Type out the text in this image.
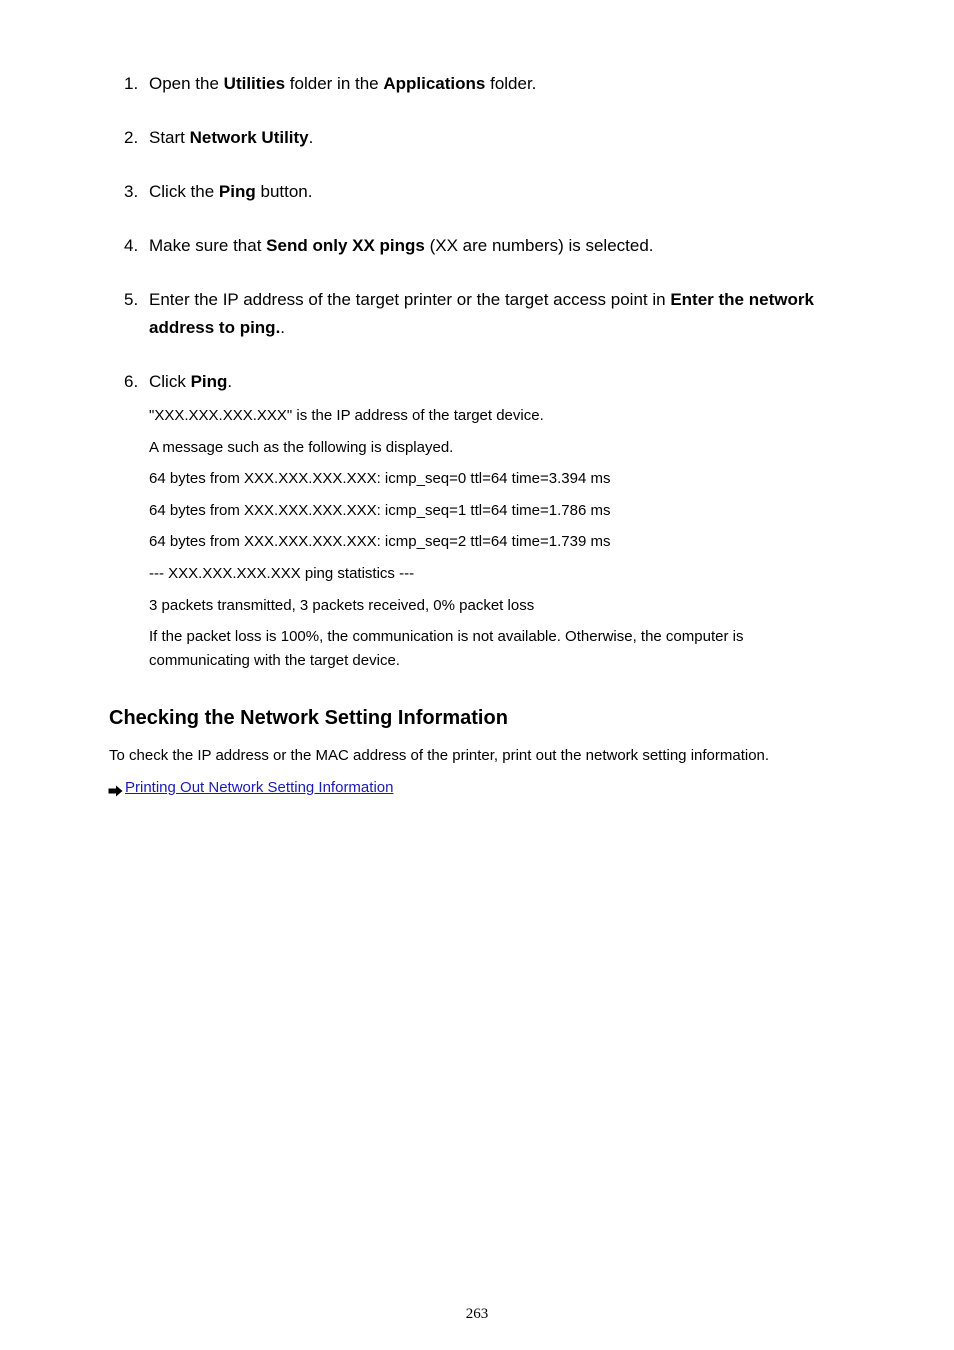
1. Open the Utilities folder in the Applications folder.
2. Start Network Utility.
3. Click the Ping button.
4. Make sure that Send only XX pings (XX are numbers) is selected.
5. Enter the IP address of the target printer or the target access point in Enter the network address to ping..
6. Click Ping.
"XXX.XXX.XXX.XXX" is the IP address of the target device.
A message such as the following is displayed.
64 bytes from XXX.XXX.XXX.XXX: icmp_seq=0 ttl=64 time=3.394 ms
64 bytes from XXX.XXX.XXX.XXX: icmp_seq=1 ttl=64 time=1.786 ms
64 bytes from XXX.XXX.XXX.XXX: icmp_seq=2 ttl=64 time=1.739 ms
--- XXX.XXX.XXX.XXX ping statistics ---
3 packets transmitted, 3 packets received, 0% packet loss
If the packet loss is 100%, the communication is not available. Otherwise, the computer is communicating with the target device.
Checking the Network Setting Information
To check the IP address or the MAC address of the printer, print out the network setting information.
Printing Out Network Setting Information
263
